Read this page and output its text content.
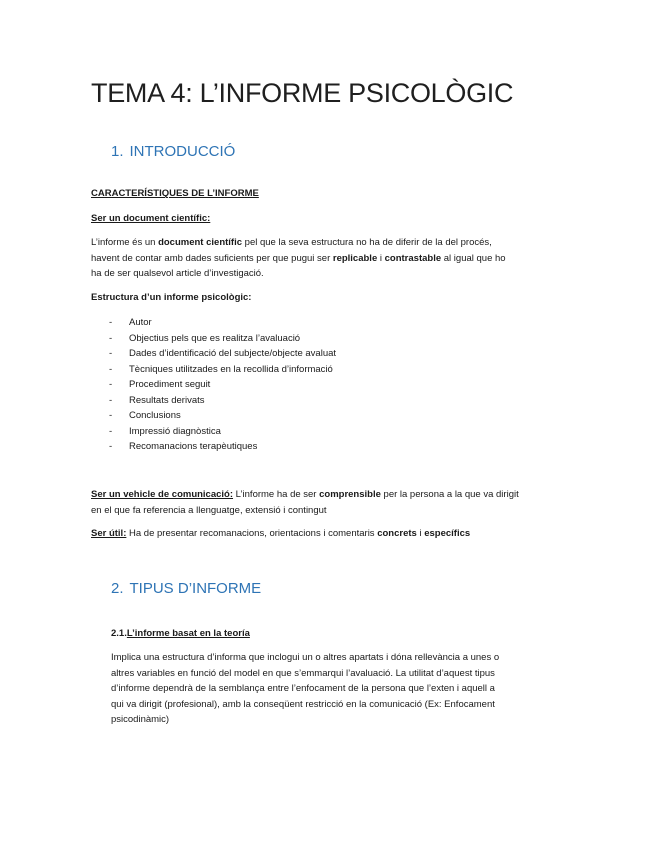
TEMA 4: L’INFORME PSICOLÒGIC
1. INTRODUCCIÓ

CARACTERÍSTIQUES DE L’INFORME

Ser un document científic:

L’informe és un document científic pel que la seva estructura no ha de diferir de la del procés,
havent de contar amb dades suficients per que pugui ser replicable i contrastable al igual que ho
ha de ser qualsevol article d’investigació.

Estructura d’un informe psicològic:

- Autor
- Objectius pels que es realitza l’avaluació
- Dades d’identificació del subjecte/objecte avaluat
- Tècniques utilitzades en la recollida d’informació
- Procediment seguit
- Resultats derivats
- Conclusions
- Impressió diagnòstica
- Recomanacions terapèutiques

Ser un vehicle de comunicació: L’informe ha de ser comprensible per la persona a la que va dirigit
en el que fa referencia a llenguatge, extensió i contingut

Ser útil: Ha de presentar recomanacions, orientacions i comentaris concrets i específics

2. TIPUS D’INFORME

2.1.L’informe basat en la teoría

Implica una estructura d’informa que inclogui un o altres apartats i dóna rellevància a unes o
altres variables en funció del model en que s’emmarqui l’avaluació. La utilitat d’aquest tipus
d’informe dependrà de la semblança entre l’enfocament de la persona que l’exten i aquell a
qui va dirigit (profesional), amb la conseqüent restricció en la comunicació (Ex: Enfocament
psicodinàmic)
